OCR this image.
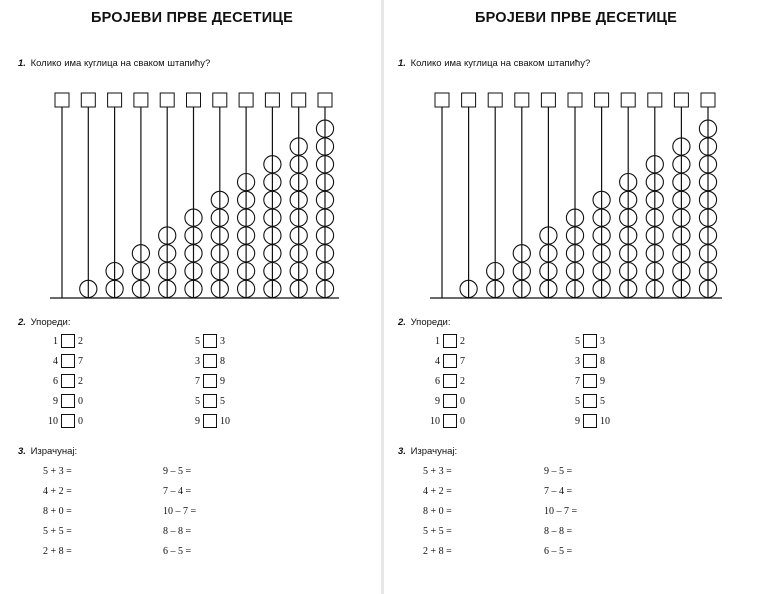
БРОЈЕВИ ПРВЕ ДЕСЕТИЦЕ
1. Колико има куглица на сваком штапићу?
2. Упореди:
1 2
4 7
6 2
9 0
10 0
5 3
3 8
7 9
5 5
9 10
3. Израчунај:
5 + 3 =
4 + 2 =
8 + 0 =
5 + 5 =
2 + 8 =
9 – 5 =
7 – 4 =
10 – 7 =
8 – 8 =
6 – 5 =
БРОЈЕВИ ПРВЕ ДЕСЕТИЦЕ
1. Колико има куглица на сваком штапићу?
2. Упореди:
1 2
4 7
6 2
9 0
10 0
5 3
3 8
7 9
5 5
9 10
3. Израчунај:
5 + 3 =
4 + 2 =
8 + 0 =
5 + 5 =
2 + 8 =
9 – 5 =
7 – 4 =
10 – 7 =
8 – 8 =
6 – 5 =
